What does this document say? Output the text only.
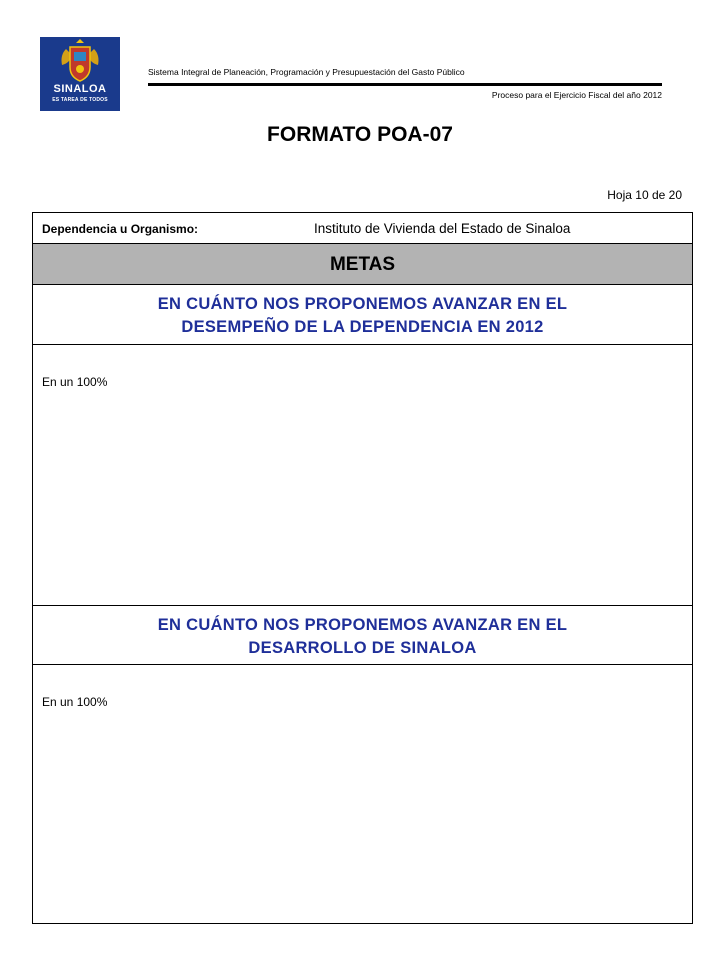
SINALOA
ES TAREA DE TODOS
Sistema Integral de Planeación, Programación y Presupuestación del Gasto Público
Proceso para el Ejercicio Fiscal del año 2012
FORMATO POA-07
Hoja 10 de 20
Dependencia u Organismo:	Instituto de Vivienda del Estado de Sinaloa
METAS
EN CUÁNTO NOS PROPONEMOS AVANZAR EN EL
DESEMPEÑO DE LA DEPENDENCIA EN 2012
En un 100%
EN CUÁNTO NOS PROPONEMOS AVANZAR EN EL
DESARROLLO DE SINALOA
En un 100%
